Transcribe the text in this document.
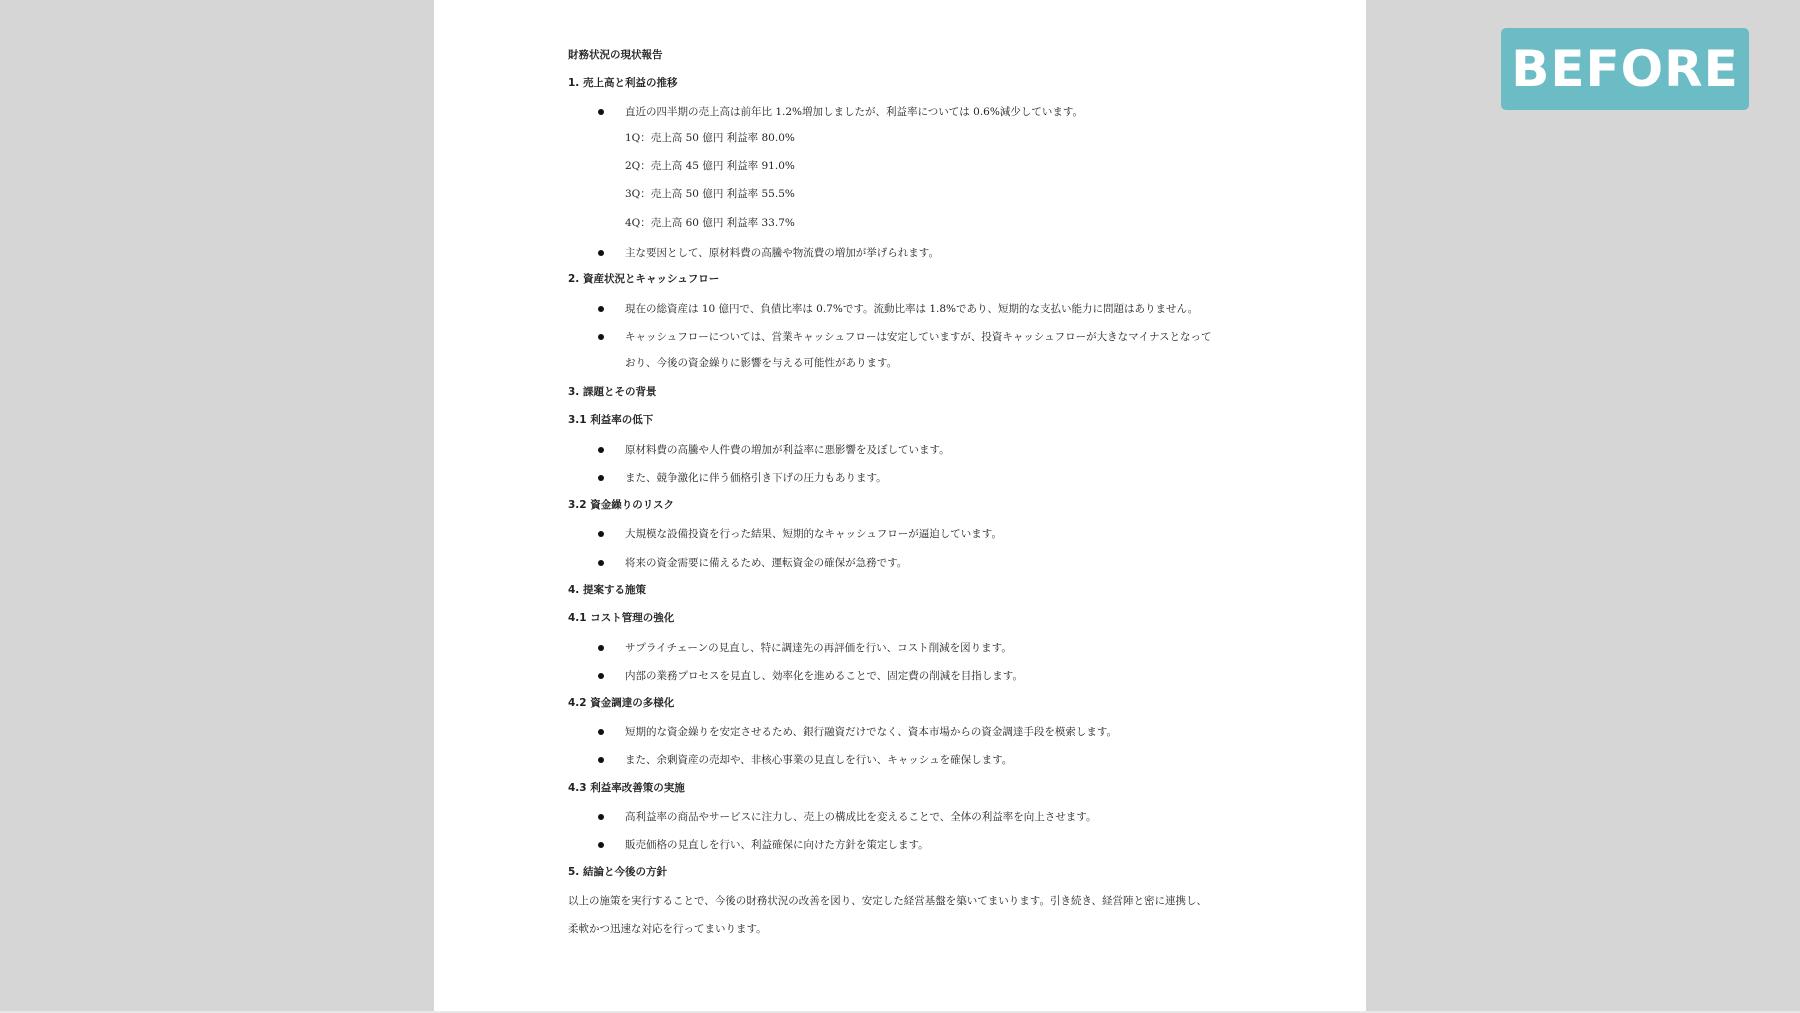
財務状況の現状報告
1. 売上高と利益の推移
直近の四半期の売上高は前年比 1.2%増加しましたが、利益率については 0.6%減少しています。
1Q：売上高 50 億円 利益率 80.0%
2Q：売上高 45 億円 利益率 91.0%
3Q：売上高 50 億円 利益率 55.5%
4Q：売上高 60 億円 利益率 33.7%
主な要因として、原材料費の高騰や物流費の増加が挙げられます。
2. 資産状況とキャッシュフロー
現在の総資産は 10 億円で、負債比率は 0.7%です。流動比率は 1.8%であり、短期的な支払い能力に問題はありません。
キャッシュフローについては、営業キャッシュフローは安定していますが、投資キャッシュフローが大きなマイナスとなって
おり、今後の資金繰りに影響を与える可能性があります。
3. 課題とその背景
3.1 利益率の低下
原材料費の高騰や人件費の増加が利益率に悪影響を及ぼしています。
また、競争激化に伴う価格引き下げの圧力もあります。
3.2 資金繰りのリスク
大規模な設備投資を行った結果、短期的なキャッシュフローが逼迫しています。
将来の資金需要に備えるため、運転資金の確保が急務です。
4. 提案する施策
4.1 コスト管理の強化
サプライチェーンの見直し、特に調達先の再評価を行い、コスト削減を図ります。
内部の業務プロセスを見直し、効率化を進めることで、固定費の削減を目指します。
4.2 資金調達の多様化
短期的な資金繰りを安定させるため、銀行融資だけでなく、資本市場からの資金調達手段を模索します。
また、余剰資産の売却や、非核心事業の見直しを行い、キャッシュを確保します。
4.3 利益率改善策の実施
高利益率の商品やサービスに注力し、売上の構成比を変えることで、全体の利益率を向上させます。
販売価格の見直しを行い、利益確保に向けた方針を策定します。
5. 結論と今後の方針
以上の施策を実行することで、今後の財務状況の改善を図り、安定した経営基盤を築いてまいります。引き続き、経営陣と密に連携し、
柔軟かつ迅速な対応を行ってまいります。
BEFORE
